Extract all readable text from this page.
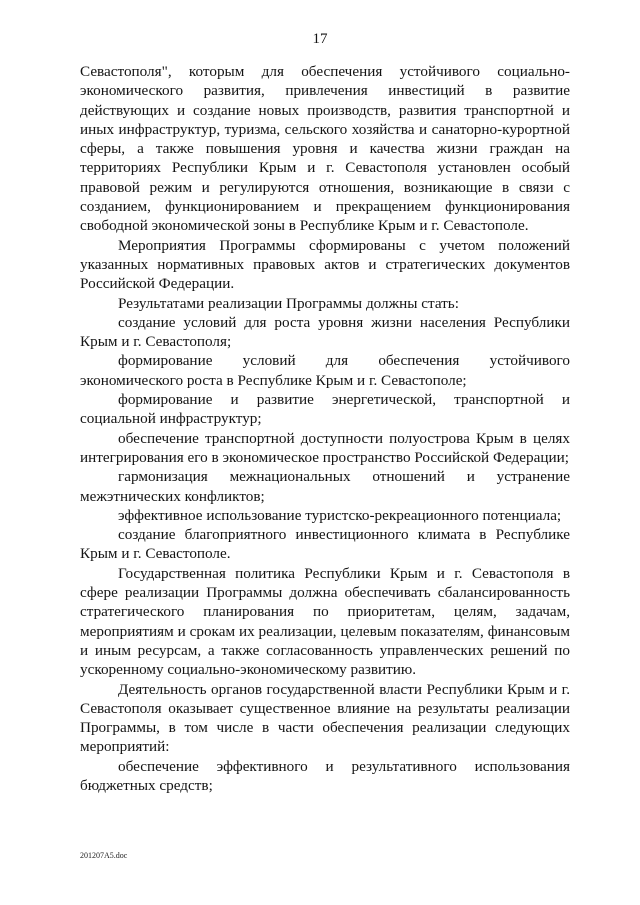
17

Севастополя", которым для обеспечения устойчивого социально-экономического развития, привлечения инвестиций в развитие действующих и создание новых производств, развития транспортной и иных инфраструктур, туризма, сельского хозяйства и санаторно-курортной сферы, а также повышения уровня и качества жизни граждан на территориях Республики Крым и г. Севастополя установлен особый правовой режим и регулируются отношения, возникающие в связи с созданием, функционированием и прекращением функционирования свободной экономической зоны в Республике Крым и г. Севастополе.

Мероприятия Программы сформированы с учетом положений указанных нормативных правовых актов и стратегических документов Российской Федерации.

Результатами реализации Программы должны стать:

создание условий для роста уровня жизни населения Республики Крым и г. Севастополя;

формирование условий для обеспечения устойчивого экономического роста в Республике Крым и г. Севастополе;

формирование и развитие энергетической, транспортной и социальной инфраструктур;

обеспечение транспортной доступности полуострова Крым в целях интегрирования его в экономическое пространство Российской Федерации;

гармонизация межнациональных отношений и устранение межэтнических конфликтов;

эффективное использование туристско-рекреационного потенциала;

создание благоприятного инвестиционного климата в Республике Крым и г. Севастополе.

Государственная политика Республики Крым и г. Севастополя в сфере реализации Программы должна обеспечивать сбалансированность стратегического планирования по приоритетам, целям, задачам, мероприятиям и срокам их реализации, целевым показателям, финансовым и иным ресурсам, а также согласованность управленческих решений по ускоренному социально-экономическому развитию.

Деятельность органов государственной власти Республики Крым и г. Севастополя оказывает существенное влияние на результаты реализации Программы, в том числе в части обеспечения реализации следующих мероприятий:

обеспечение эффективного и результативного использования бюджетных средств;

201207A5.doc
